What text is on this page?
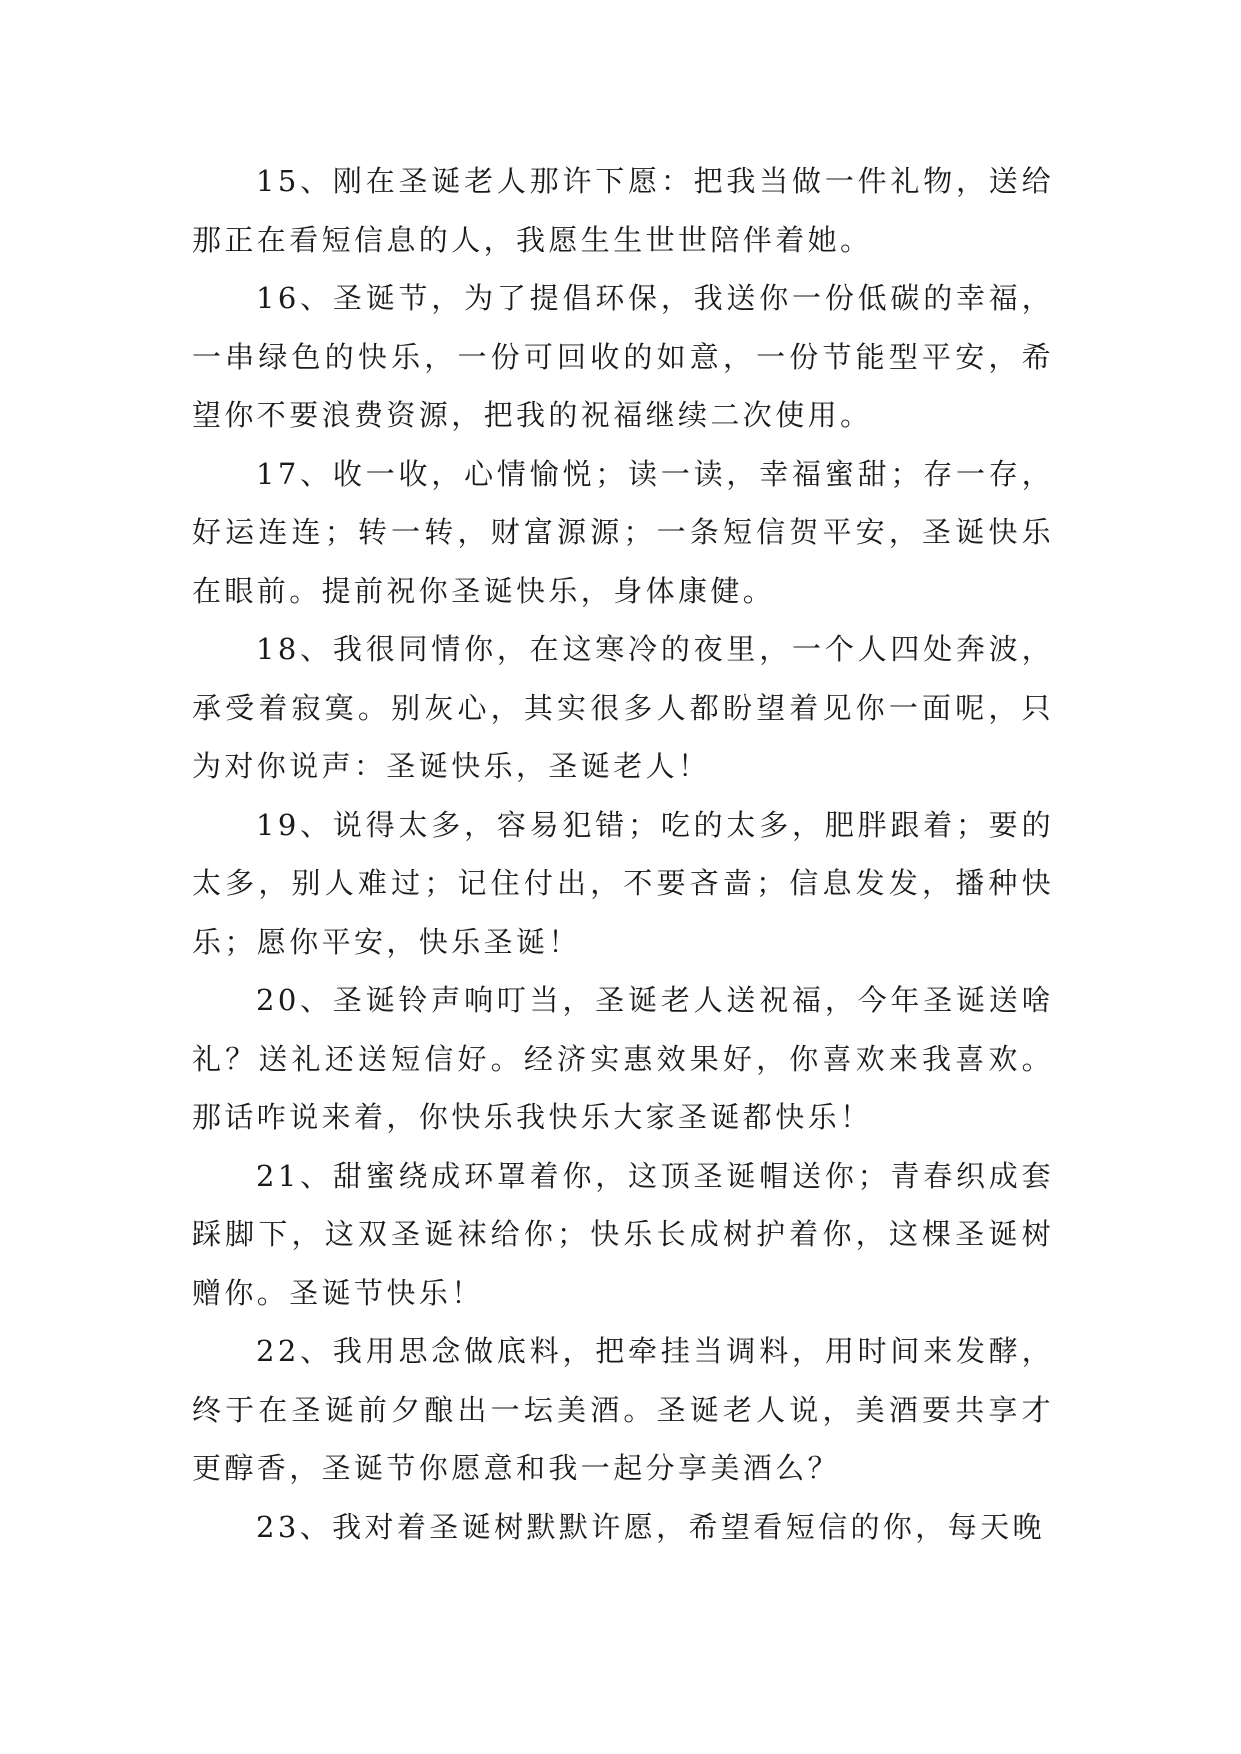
15、刚在圣诞老人那许下愿：把我当做一件礼物，送给那正在看短信息的人，我愿生生世世陪伴着她。

16、圣诞节，为了提倡环保，我送你一份低碳的幸福，一串绿色的快乐，一份可回收的如意，一份节能型平安，希望你不要浪费资源，把我的祝福继续二次使用。

17、收一收，心情愉悦；读一读，幸福蜜甜；存一存，好运连连；转一转，财富源源；一条短信贺平安，圣诞快乐在眼前。提前祝你圣诞快乐，身体康健。

18、我很同情你，在这寒冷的夜里，一个人四处奔波，承受着寂寞。别灰心，其实很多人都盼望着见你一面呢，只为对你说声：圣诞快乐，圣诞老人！

19、说得太多，容易犯错；吃的太多，肥胖跟着；要的太多，别人难过；记住付出，不要吝啬；信息发发，播种快乐；愿你平安，快乐圣诞！

20、圣诞铃声响叮当，圣诞老人送祝福，今年圣诞送啥礼？送礼还送短信好。经济实惠效果好，你喜欢来我喜欢。那话咋说来着，你快乐我快乐大家圣诞都快乐！

21、甜蜜绕成环罩着你，这顶圣诞帽送你；青春织成套踩脚下，这双圣诞袜给你；快乐长成树护着你，这棵圣诞树赠你。圣诞节快乐！

22、我用思念做底料，把牵挂当调料，用时间来发酵，终于在圣诞前夕酿出一坛美酒。圣诞老人说，美酒要共享才更醇香，圣诞节你愿意和我一起分享美酒么？

23、我对着圣诞树默默许愿，希望看短信的你，每天晚
